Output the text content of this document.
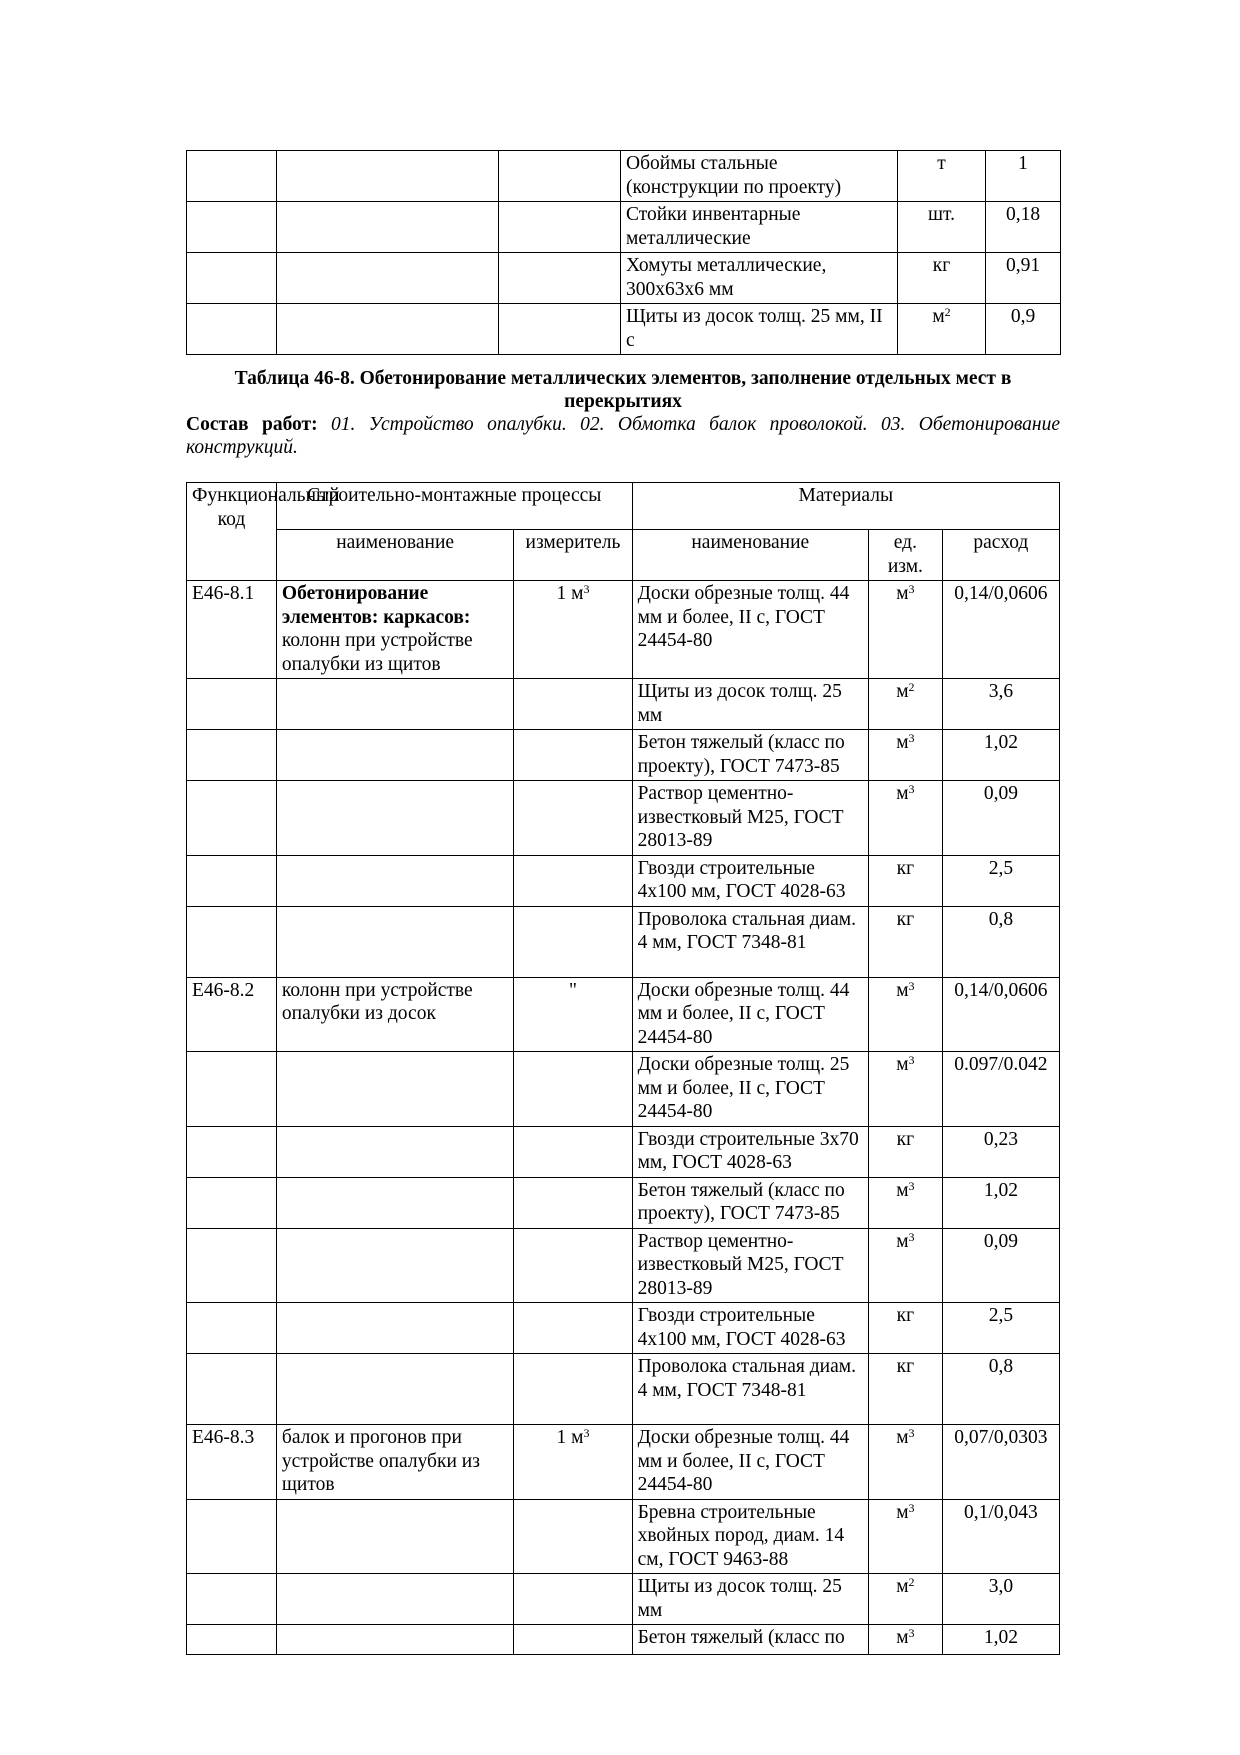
			Обоймы стальные (конструкции по проекту)	т	1
			Стойки инвентарные металлические	шт.	0,18
			Хомуты металлические, 300х63х6 мм	кг	0,91
			Щиты из досок толщ. 25 мм, II с	$м^2$	0,9
Таблица 46-8. Обетонирование металлических элементов, заполнение отдельных мест в перекрытиях
Состав работ: 01. Устройство опалубки. 02. Обмотка балок проволокой. 03. Обетонирование конструкций.
Функциональный код	Строительно-монтажные процессы		Материалы		
	наименование	измеритель	наименование	ед. изм.	расход
Е46-8.1	Обетонирование элементов: каркасов: колонн при устройстве опалубки из щитов	1 $м^3$	Доски обрезные толщ. 44 мм и более, II с, ГОСТ 24454-80	$м^3$	0,14/0,0606
			Щиты из досок толщ. 25 мм	$м^2$	3,6
			Бетон тяжелый (класс по проекту), ГОСТ 7473-85	$м^3$	1,02
			Раствор цементно-известковый М25, ГОСТ 28013-89	$м^3$	0,09
			Гвозди строительные 4х100 мм, ГОСТ 4028-63	кг	2,5
			Проволока стальная диам. 4 мм, ГОСТ 7348-81	кг	0,8
Е46-8.2	колонн при устройстве опалубки из досок	"	Доски обрезные толщ. 44 мм и более, II с, ГОСТ 24454-80	$м^3$	0,14/0,0606
			Доски обрезные толщ. 25 мм и более, II с, ГОСТ 24454-80	$м^3$	0.097/0.042
			Гвозди строительные 3х70 мм, ГОСТ 4028-63	кг	0,23
			Бетон тяжелый (класс по проекту), ГОСТ 7473-85	$м^3$	1,02
			Раствор цементно-известковый М25, ГОСТ 28013-89	$м^3$	0,09
			Гвозди строительные 4х100 мм, ГОСТ 4028-63	кг	2,5
			Проволока стальная диам. 4 мм, ГОСТ 7348-81	кг	0,8
Е46-8.3	балок и прогонов при устройстве опалубки из щитов	1 $м^3$	Доски обрезные толщ. 44 мм и более, II с, ГОСТ 24454-80	$м^3$	0,07/0,0303
			Бревна строительные хвойных пород, диам. 14 см, ГОСТ 9463-88	$м^3$	0,1/0,043
			Щиты из досок толщ. 25 мм	$м^2$	3,0
			Бетон тяжелый (класс по	$м^3$	1,02
